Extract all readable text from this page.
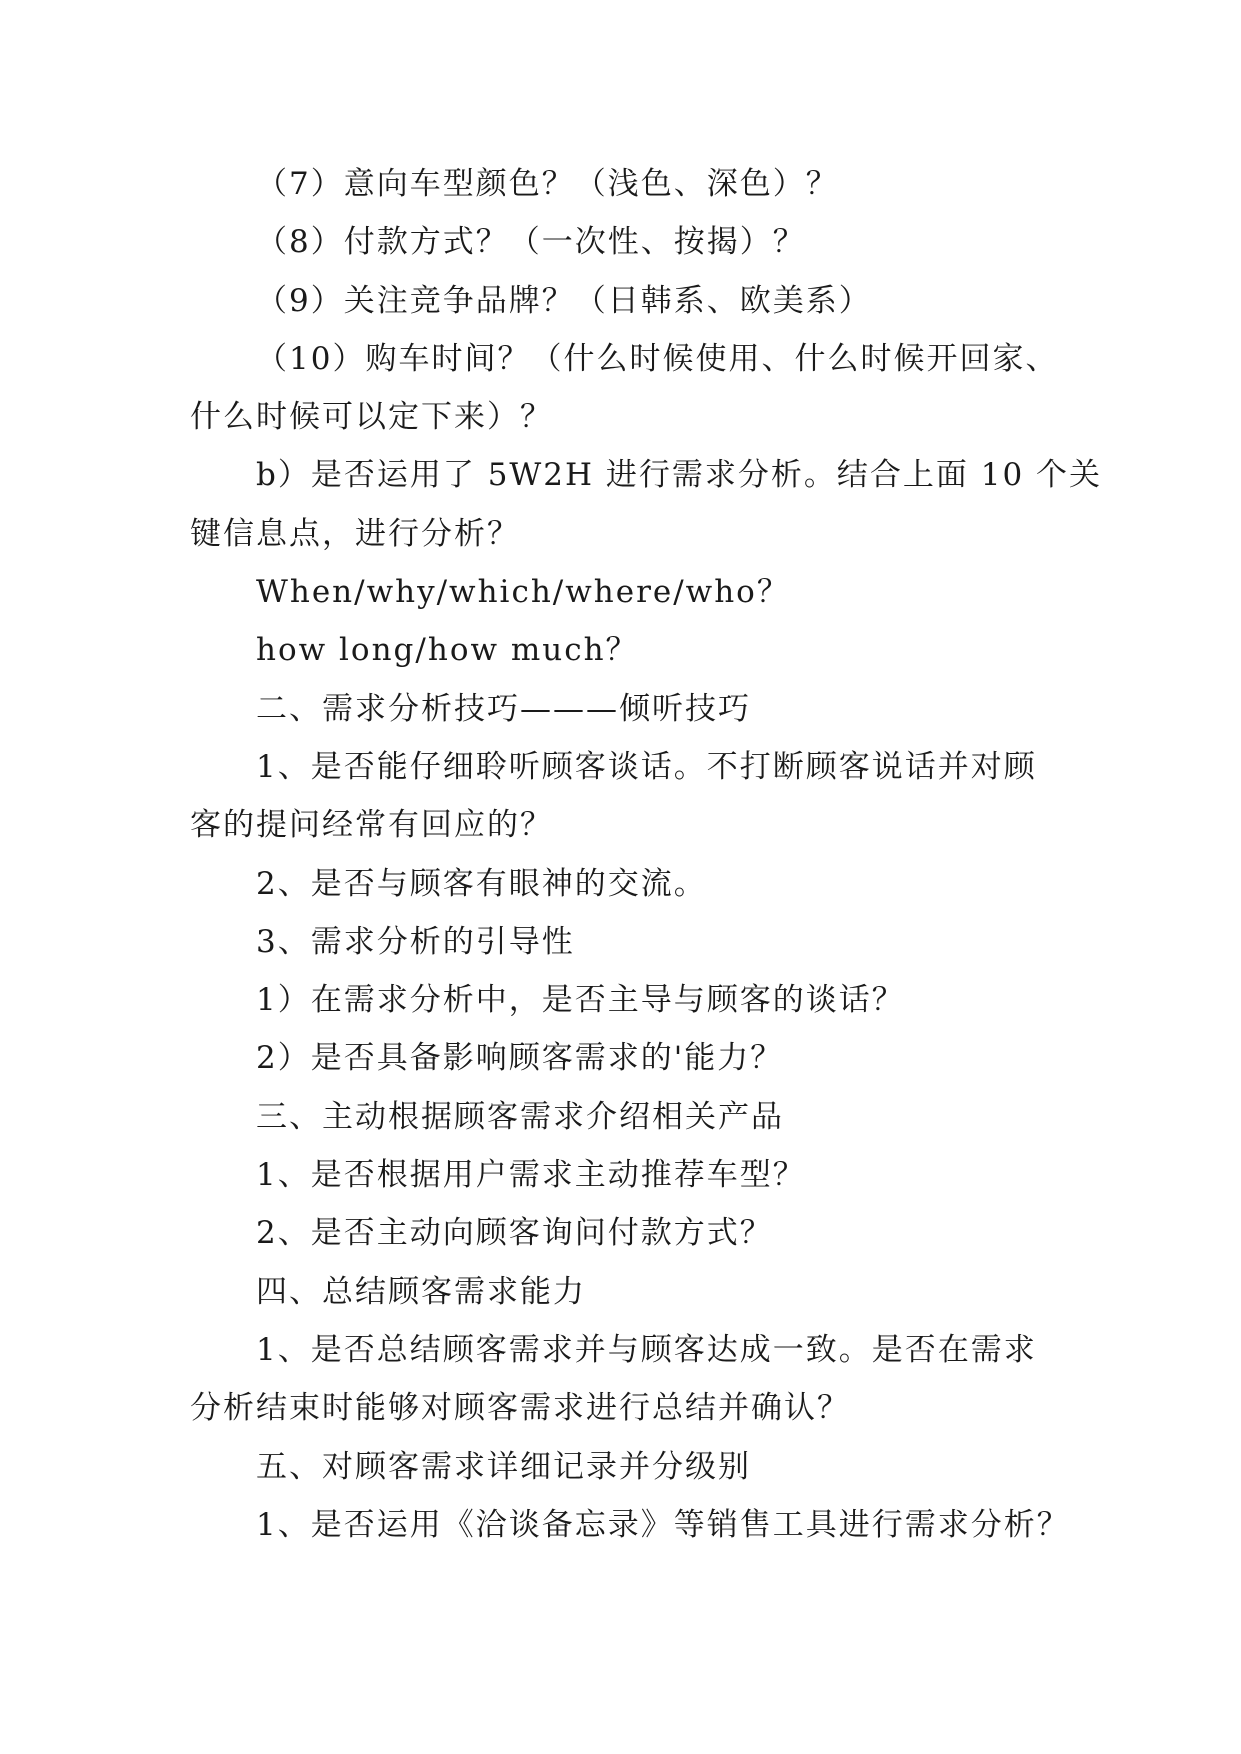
（7）意向车型颜色？（浅色、深色）？
（8）付款方式？（一次性、按揭）？
（9）关注竞争品牌？（日韩系、欧美系）
（10）购车时间？（什么时候使用、什么时候开回家、
什么时候可以定下来）？
b）是否运用了 5W2H 进行需求分析。结合上面 10 个关
键信息点，进行分析？
When/why/which/where/who？
how long/how much？
二、需求分析技巧———倾听技巧
1、是否能仔细聆听顾客谈话。不打断顾客说话并对顾
客的提问经常有回应的？
2、是否与顾客有眼神的交流。
3、需求分析的引导性
1）在需求分析中，是否主导与顾客的谈话？
2）是否具备影响顾客需求的'能力？
三、主动根据顾客需求介绍相关产品
1、是否根据用户需求主动推荐车型？
2、是否主动向顾客询问付款方式？
四、总结顾客需求能力
1、是否总结顾客需求并与顾客达成一致。是否在需求
分析结束时能够对顾客需求进行总结并确认？
五、对顾客需求详细记录并分级别
1、是否运用《洽谈备忘录》等销售工具进行需求分析？
